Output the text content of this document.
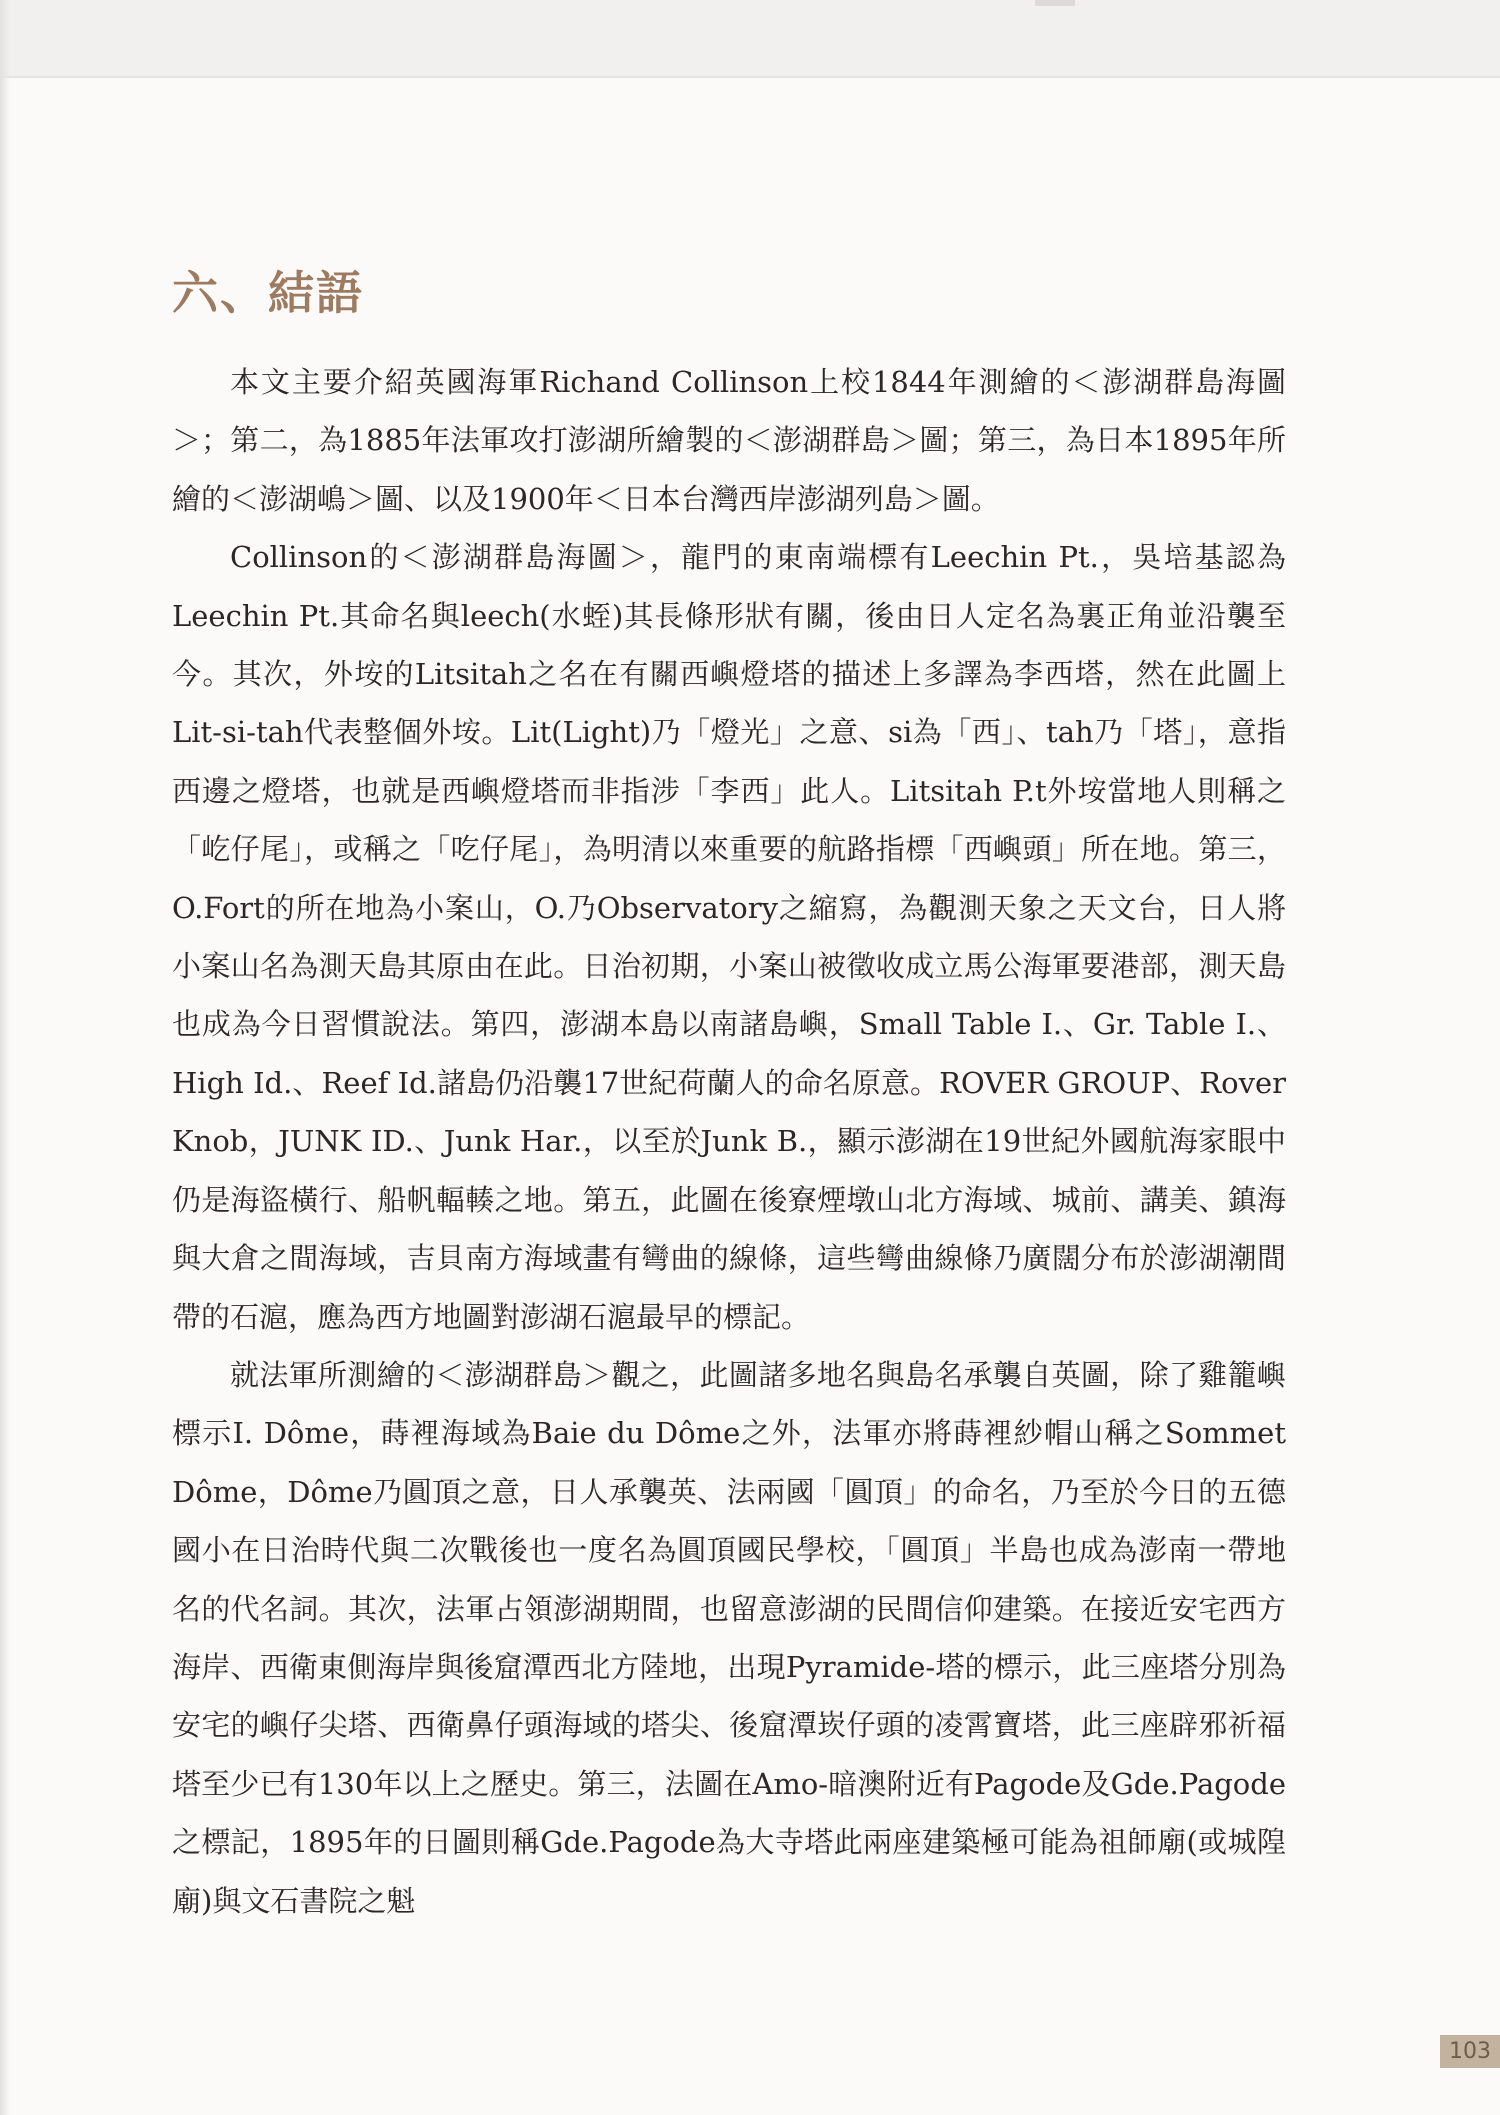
六、結語

本文主要介紹英國海軍Richand Collinson上校1844年測繪的＜澎湖群島海圖＞；第二，為1885年法軍攻打澎湖所繪製的＜澎湖群島＞圖；第三，為日本1895年所繪的＜澎湖嶋＞圖、以及1900年＜日本台灣西岸澎湖列島＞圖。

Collinson的＜澎湖群島海圖＞，龍門的東南端標有Leechin Pt.，吳培基認為Leechin Pt.其命名與leech(水蛭)其長條形狀有關，後由日人定名為裏正角並沿襲至今。其次，外垵的Litsitah之名在有關西嶼燈塔的描述上多譯為李西塔，然在此圖上Lit-si-tah代表整個外垵。Lit(Light)乃「燈光」之意、si為「西」、tah乃「塔」，意指西邊之燈塔，也就是西嶼燈塔而非指涉「李西」此人。Litsitah P.t外垵當地人則稱之「屹仔尾」，或稱之「吃仔尾」，為明清以來重要的航路指標「西嶼頭」所在地。第三，O.Fort的所在地為小案山，O.乃Observatory之縮寫，為觀測天象之天文台，日人將小案山名為測天島其原由在此。日治初期，小案山被徵收成立馬公海軍要港部，測天島也成為今日習慣說法。第四，澎湖本島以南諸島嶼，Small Table I.、Gr. Table I.、High Id.、Reef Id.諸島仍沿襲17世紀荷蘭人的命名原意。ROVER GROUP、Rover Knob，JUNK ID.、Junk Har.，以至於Junk B.，顯示澎湖在19世紀外國航海家眼中仍是海盜橫行、船帆輻輳之地。第五，此圖在後寮煙墩山北方海域、城前、講美、鎮海與大倉之間海域，吉貝南方海域畫有彎曲的線條，這些彎曲線條乃廣闊分布於澎湖潮間帶的石滬，應為西方地圖對澎湖石滬最早的標記。

就法軍所測繪的＜澎湖群島＞觀之，此圖諸多地名與島名承襲自英圖，除了雞籠嶼標示I. Dôme，蒔裡海域為Baie du Dôme之外，法軍亦將蒔裡紗帽山稱之Sommet Dôme，Dôme乃圓頂之意，日人承襲英、法兩國「圓頂」的命名，乃至於今日的五德國小在日治時代與二次戰後也一度名為圓頂國民學校，「圓頂」半島也成為澎南一帶地名的代名詞。其次，法軍占領澎湖期間，也留意澎湖的民間信仰建築。在接近安宅西方海岸、西衛東側海岸與後窟潭西北方陸地，出現Pyramide-塔的標示，此三座塔分別為安宅的嶼仔尖塔、西衛鼻仔頭海域的塔尖、後窟潭崁仔頭的凌霄寶塔，此三座辟邪祈福塔至少已有130年以上之歷史。第三，法圖在Amo-暗澳附近有Pagode及Gde.Pagode之標記，1895年的日圖則稱Gde.Pagode為大寺塔此兩座建築極可能為祖師廟(或城隍廟)與文石書院之魁

103
